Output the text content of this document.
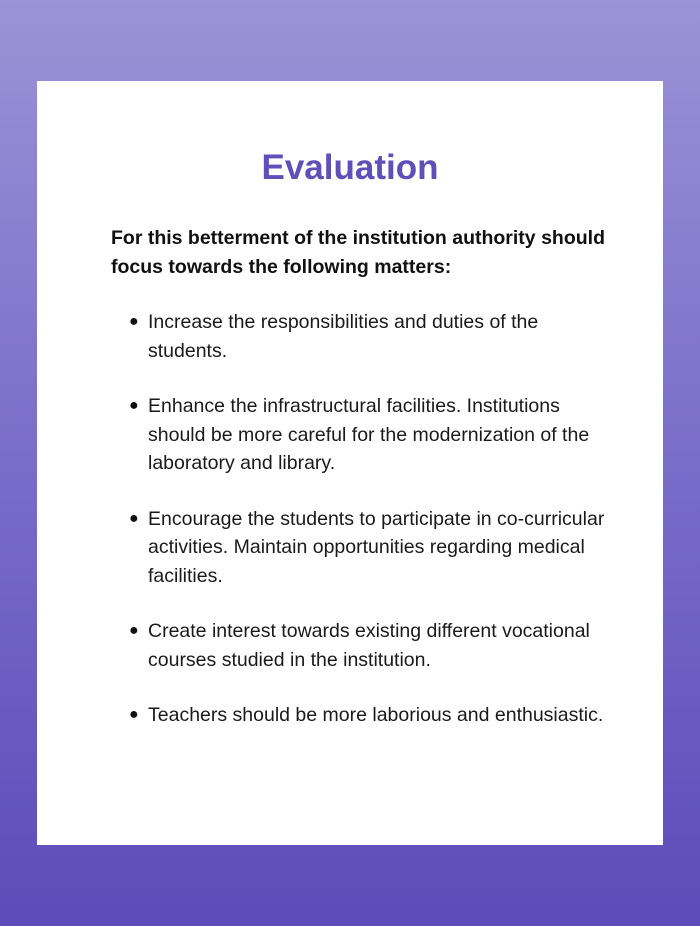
Evaluation

For this betterment of the institution authority should focus towards the following matters:

● Increase the responsibilities and duties of the students.
● Enhance the infrastructural facilities. Institutions should be more careful for the modernization of the laboratory and library.
● Encourage the students to participate in co-curricular activities. Maintain opportunities regarding medical facilities.
● Create interest towards existing different vocational courses studied in the institution.
● Teachers should be more laborious and enthusiastic.
